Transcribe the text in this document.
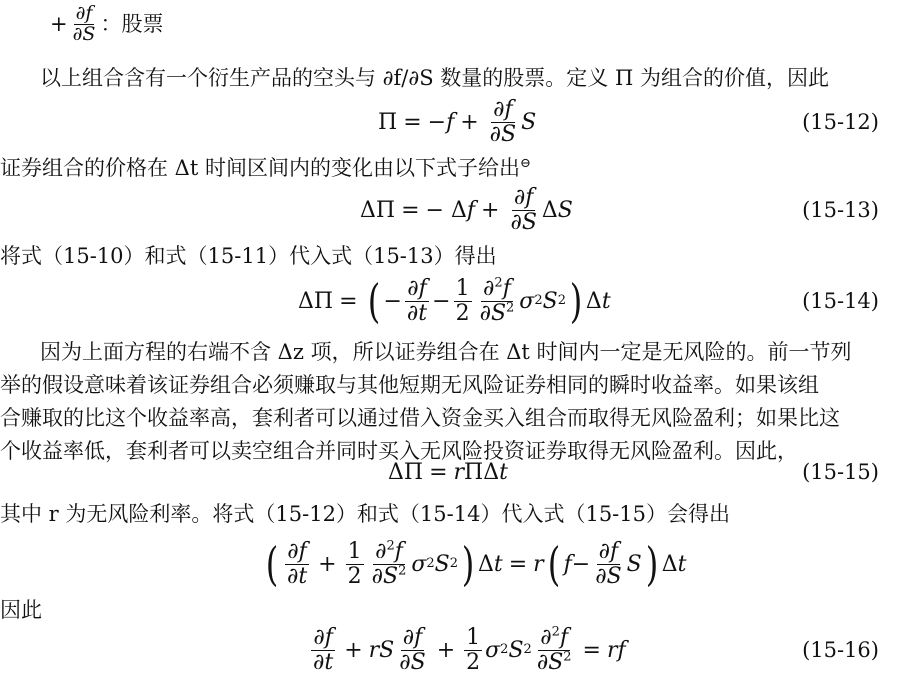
+ $\frac{\partial f}{\partial S}$ ：股票
以上组合含有一个衍生产品的空头与 ∂f/∂S 数量的股票。定义 Π 为组合的价值，因此
Π = − $f + \frac{\partial f}{\partial S}$ S	(15-12)
证券组合的价格在 Δt 时间区间内的变化由以下式子给出⊖
ΔΠ = − Δ $f + \frac{\partial f}{\partial S}$ Δ S	(15-13)
将式（15-10）和式（15-11）代入式（15-13）得出
ΔΠ = ( − $\frac{\partial f}{\partial t} - \frac{1}{2} \frac{\partial^2f}{\partial S^2}$ σ 2 S 2 ) Δ t	(15-14)
因为上面方程的右端不含 Δz 项，所以证券组合在 Δt 时间内一定是无风险的。前一节列
举的假设意味着该证券组合必须赚取与其他短期无风险证券相同的瞬时收益率。如果该组
合赚取的比这个收益率高，套利者可以通过借入资金买入组合而取得无风险盈利；如果比这
个收益率低，套利者可以卖空组合并同时买入无风险投资证券取得无风险盈利。因此，
ΔΠ = r ΠΔ t	(15-15)
其中 r 为无风险利率。将式（15-12）和式（15-14）代入式（15-15）会得出
( $\frac{\partial f}{\partial t} + \frac{1}{2} \frac{\partial^2f}{\partial S^2}$ σ 2 S 2 ) Δ t = r ( $f - \frac{\partial f}{\partial S}$ S ) Δ t
因此
$\frac{\partial f}{\partial t}$ + rS $\frac{\partial f}{\partial S} + \frac{1}{2}$ σ 2 S $2 \frac{\partial^2f}{\partial S^2}$ = rf	(15-16)
